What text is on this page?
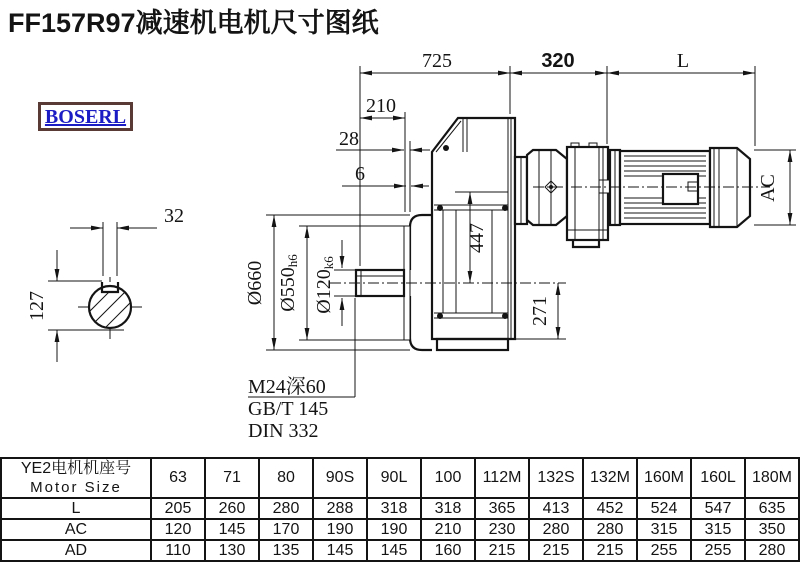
FF157R97减速机电机尺寸图纸
BOSERL
32
127
725	320	L
210
28
6
Ø660 Ø550h6
Ø120k6
447
271
AC
M24深60
GB/T 145
DIN 332
YE2电机机座号
Motor Size	63	71	80	90S	90L	100	112M	132S	132M	160M	160L	180M
L	205	260	280	288	318	318	365	413	452	524	547	635
AC	120	145	170	190	190	210	230	280	280	315	315	350
AD	110	130	135	145	145	160	215	215	215	255	255	280
